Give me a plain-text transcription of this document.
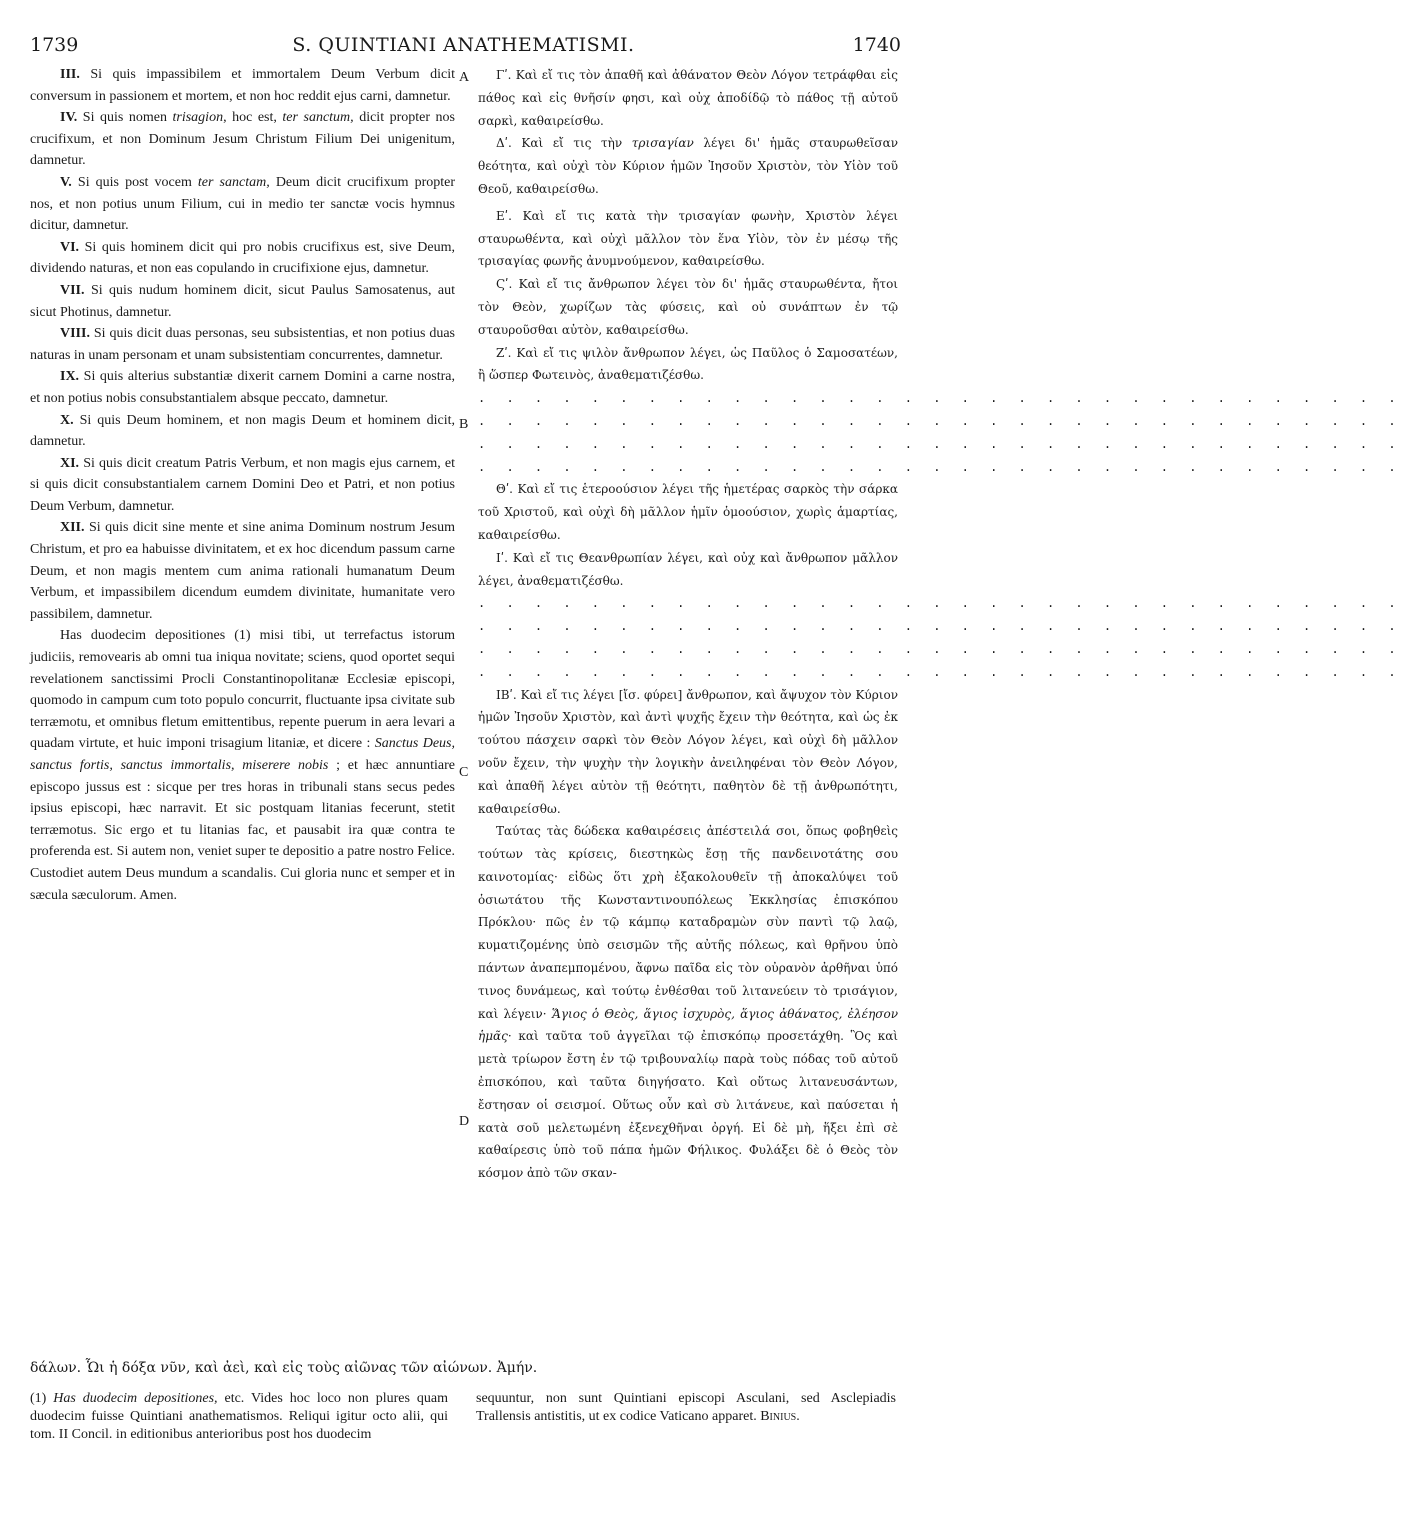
1739	S. QUINTIANI ANATHEMATISMI.	1740
A
B
C
D

III. Si quis impassibilem et immortalem Deum Verbum dicit conversum in passionem et mortem, et non hoc reddit ejus carni, damnetur.

IV. Si quis nomen trisagion, hoc est, ter sanctum, dicit propter nos crucifixum, et non Dominum Jesum Christum Filium Dei unigenitum, damnetur.

V. Si quis post vocem ter sanctam, Deum dicit crucifixum propter nos, et non potius unum Filium, cui in medio ter sanctæ vocis hymnus dicitur, damnetur.

VI. Si quis hominem dicit qui pro nobis crucifixus est, sive Deum, dividendo naturas, et non eas copulando in crucifixione ejus, damnetur.

VII. Si quis nudum hominem dicit, sicut Paulus Samosatenus, aut sicut Photinus, damnetur.

VIII. Si quis dicit duas personas, seu subsistentias, et non potius duas naturas in unam personam et unam subsistentiam concurrentes, damnetur.

IX. Si quis alterius substantiæ dixerit carnem Domini a carne nostra, et non potius nobis consubstantialem absque peccato, damnetur.

X. Si quis Deum hominem, et non magis Deum et hominem dicit, damnetur.

XI. Si quis dicit creatum Patris Verbum, et non magis ejus carnem, et si quis dicit consubstantialem carnem Domini Deo et Patri, et non potius Deum Verbum, damnetur.

XII. Si quis dicit sine mente et sine anima Dominum nostrum Jesum Christum, et pro ea habuisse divinitatem, et ex hoc dicendum passum carne Deum, et non magis mentem cum anima rationali humanatum Deum Verbum, et impassibilem dicendum eumdem divinitate, humanitate vero passibilem, damnetur.

Has duodecim depositiones (1) misi tibi, ut terrefactus istorum judiciis, removearis ab omni tua iniqua novitate; sciens, quod oportet sequi revelationem sanctissimi Procli Constantinopolitanæ Ecclesiæ episcopi, quomodo in campum cum toto populo concurrit, fluctuante ipsa civitate sub terræmotu, et omnibus fletum emittentibus, repente puerum in aera levari a quadam virtute, et huic imponi trisagium litaniæ, et dicere : Sanctus Deus, sanctus fortis, sanctus immortalis, miserere nobis ; et hæc annuntiare episcopo jussus est : sicque per tres horas in tribunali stans secus pedes ipsius episcopi, hæc narravit. Et sic postquam litanias fecerunt, stetit terræmotus. Sic ergo et tu litanias fac, et pausabit ira quæ contra te proferenda est. Si autem non, veniet super te depositio a patre nostro Felice. Custodiet autem Deus mundum a scandalis. Cui gloria nunc et semper et in sæcula sæculorum. Amen.

Γʹ. Καὶ εἴ τις τὸν ἀπαθῆ καὶ ἀθάνατον Θεὸν Λόγον τετράφθαι εἰς πάθος καὶ εἰς θνῆσίν φησι, καὶ οὐχ ἀποδίδῷ τὸ πάθος τῇ αὐτοῦ σαρκὶ, καθαιρείσθω.

Δʹ. Καὶ εἴ τις τὴν τρισαγίαν λέγει δι' ἡμᾶς σταυρωθεῖσαν θεότητα, καὶ οὐχὶ τὸν Κύριον ἡμῶν Ἰησοῦν Χριστὸν, τὸν Υἱὸν τοῦ Θεοῦ, καθαιρείσθω.

Εʹ. Καὶ εἴ τις κατὰ τὴν τρισαγίαν φωνὴν, Χριστὸν λέγει σταυρωθέντα, καὶ οὐχὶ μᾶλλον τὸν ἕνα Υἱὸν, τὸν ἐν μέσῳ τῆς τρισαγίας φωνῆς ἀνυμνούμενον, καθαιρείσθω.

Ϛʹ. Καὶ εἴ τις ἄνθρωπον λέγει τὸν δι' ἡμᾶς σταυρωθέντα, ἤτοι τὸν Θεὸν, χωρίζων τὰς φύσεις, καὶ οὐ συνάπτων ἐν τῷ σταυροῦσθαι αὐτὸν, καθαιρείσθω.

Ζʹ. Καὶ εἴ τις ψιλὸν ἄνθρωπον λέγει, ὡς Παῦλος ὁ Σαμοσατέων, ἢ ὥσπερ Φωτεινὸς, ἀναθεματιζέσθω.

. . . . . . . . . . . . . . . . . . . . . . . . . . . . . . . . .
. . . . . . . . . . . . . . . . . . . . . . . . . . . . . . . . .
. . . . . . . . . . . . . . . . . . . . . . . . . . . . . . . . .
. . . . . . . . . . . . . . . . . . . . . . . . . . . . . . . . .

Θʹ. Καὶ εἴ τις ἑτεροούσιον λέγει τῆς ἡμετέρας σαρκὸς τὴν σάρκα τοῦ Χριστοῦ, καὶ οὐχὶ δὴ μᾶλλον ἡμῖν ὁμοούσιον, χωρὶς ἁμαρτίας, καθαιρείσθω.

Ιʹ. Καὶ εἴ τις Θεανθρωπίαν λέγει, καὶ οὐχ καὶ ἄνθρωπον μᾶλλον λέγει, ἀναθεματιζέσθω.

. . . . . . . . . . . . . . . . . . . . . . . . . . . . . . . . .
. . . . . . . . . . . . . . . . . . . . . . . . . . . . . . . . .
. . . . . . . . . . . . . . . . . . . . . . . . . . . . . . . . .
. . . . . . . . . . . . . . . . . . . . . . . . . . . . . . . . .

ΙΒʹ. Καὶ εἴ τις λέγει [ἴσ. φύρει] ἄνθρωπον, καὶ ἄψυχον τὸν Κύριον ἡμῶν Ἰησοῦν Χριστὸν, καὶ ἀντὶ ψυχῆς ἔχειν τὴν θεότητα, καὶ ὡς ἐκ τούτου πάσχειν σαρκὶ τὸν Θεὸν Λόγον λέγει, καὶ οὐχὶ δὴ μᾶλλον νοῦν ἔχειν, τὴν ψυχὴν τὴν λογικὴν ἀνειληφέναι τὸν Θεὸν Λόγον, καὶ ἀπαθῆ λέγει αὐτὸν τῇ θεότητι, παθητὸν δὲ τῇ ἀνθρωπότητι, καθαιρείσθω.

Ταύτας τὰς δώδεκα καθαιρέσεις ἀπέστειλά σοι, ὅπως φοβηθεὶς τούτων τὰς κρίσεις, διεστηκὼς ἔσῃ τῆς πανδεινοτάτης σου καινοτομίας· εἰδὼς ὅτι χρὴ ἐξακολουθεῖν τῇ ἀποκαλύψει τοῦ ὁσιωτάτου τῆς Κωνσταντινουπόλεως Ἐκκλησίας ἐπισκόπου Πρόκλου· πῶς ἐν τῷ κάμπῳ καταδραμὼν σὺν παντὶ τῷ λαῷ, κυματιζομένης ὑπὸ σεισμῶν τῆς αὐτῆς πόλεως, καὶ θρῆνου ὑπὸ πάντων ἀναπεμπομένου, ἄφνω παῖδα εἰς τὸν οὐρανὸν ἀρθῆναι ὑπό τινος δυνάμεως, καὶ τούτῳ ἐνθέσθαι τοῦ λιτανεύειν τὸ τρισάγιον, καὶ λέγειν· Ἅγιος ὁ Θεὸς, ἅγιος ἰσχυρὸς, ἅγιος ἀθάνατος, ἐλέησον ἡμᾶς· καὶ ταῦτα τοῦ ἀγγεῖλαι τῷ ἐπισκόπῳ προσετάχθη. Ὃς καὶ μετὰ τρίωρον ἔστη ἐν τῷ τριβουναλίῳ παρὰ τοὺς πόδας τοῦ αὐτοῦ ἐπισκόπου, καὶ ταῦτα διηγήσατο. Καὶ οὕτως λιτανευσάντων, ἔστησαν οἱ σεισμοί. Οὕτως οὖν καὶ σὺ λιτάνευε, καὶ παύσεται ἡ κατὰ σοῦ μελετωμένη ἐξενεχθῆναι ὀργή. Εἰ δὲ μὴ, ἥξει ἐπὶ σὲ καθαίρεσις ὑπὸ τοῦ πάπα ἡμῶν Φήλικος. Φυλάξει δὲ ὁ Θεὸς τὸν κόσμον ἀπὸ τῶν σκαν-

δάλων. Ὧι ἡ δόξα νῦν, καὶ ἀεὶ, καὶ εἰς τοὺς αἰῶνας τῶν αἰώνων. Ἀμήν.

(1) Has duodecim depositiones, etc. Vides hoc loco non plures quam duodecim fuisse Quintiani anathematismos. Reliqui igitur octo alii, qui tom. II Concil. in editionibus anterioribus post hos duodecim

sequuntur, non sunt Quintiani episcopi Asculani, sed Asclepiadis Trallensis antistitis, ut ex codice Vaticano apparet. Binius.
